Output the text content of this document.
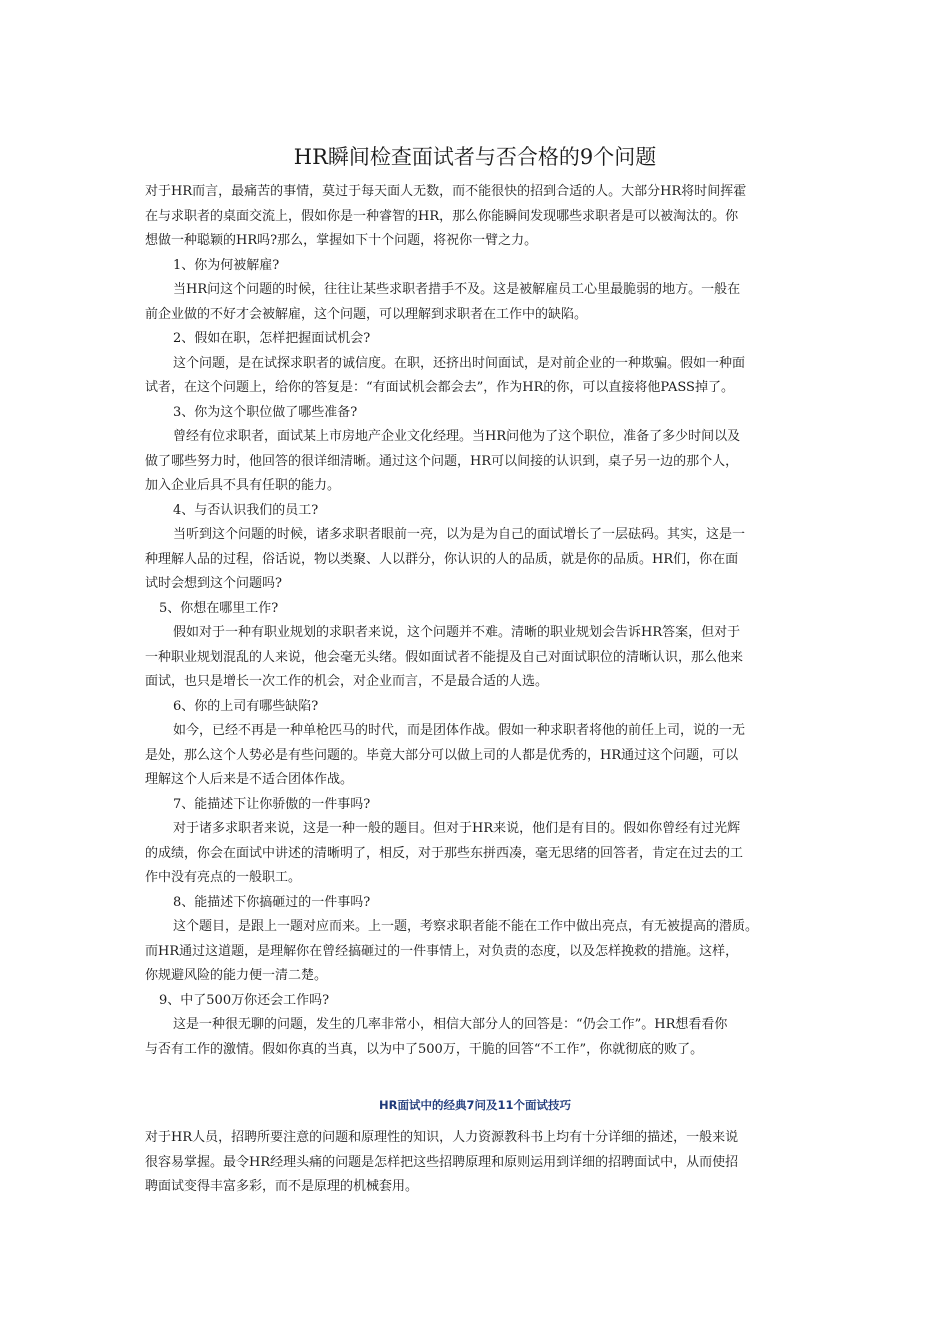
HR瞬间检查面试者与否合格的9个问题

对于HR而言，最痛苦的事情，莫过于每天面人无数，而不能很快的招到合适的人。大部分HR将时间挥霍

在与求职者的桌面交流上，假如你是一种睿智的HR，那么你能瞬间发现哪些求职者是可以被淘汰的。你

想做一种聪颖的HR吗?那么，掌握如下十个问题，将祝你一臂之力。

1、你为何被解雇?

当HR问这个问题的时候，往往让某些求职者措手不及。这是被解雇员工心里最脆弱的地方。一般在

前企业做的不好才会被解雇，这个问题，可以理解到求职者在工作中的缺陷。

2、假如在职，怎样把握面试机会?

这个问题，是在试探求职者的诚信度。在职，还挤出时间面试，是对前企业的一种欺骗。假如一种面

试者，在这个问题上，给你的答复是：“有面试机会都会去”，作为HR的你，可以直接将他PASS掉了。

3、你为这个职位做了哪些准备?

曾经有位求职者，面试某上市房地产企业文化经理。当HR问他为了这个职位，准备了多少时间以及

做了哪些努力时，他回答的很详细清晰。通过这个问题，HR可以间接的认识到，桌子另一边的那个人，

加入企业后具不具有任职的能力。

4、与否认识我们的员工?

当听到这个问题的时候，诸多求职者眼前一亮，以为是为自己的面试增长了一层砝码。其实，这是一

种理解人品的过程，俗话说，物以类聚、人以群分，你认识的人的品质，就是你的品质。HR们，你在面

试时会想到这个问题吗?

5、你想在哪里工作?

假如对于一种有职业规划的求职者来说，这个问题并不难。清晰的职业规划会告诉HR答案，但对于

一种职业规划混乱的人来说，他会毫无头绪。假如面试者不能提及自己对面试职位的清晰认识，那么他来

面试，也只是增长一次工作的机会，对企业而言，不是最合适的人选。

6、你的上司有哪些缺陷?

如今，已经不再是一种单枪匹马的时代，而是团体作战。假如一种求职者将他的前任上司，说的一无

是处，那么这个人势必是有些问题的。毕竟大部分可以做上司的人都是优秀的，HR通过这个问题，可以

理解这个人后来是不适合团体作战。

7、能描述下让你骄傲的一件事吗?

对于诸多求职者来说，这是一种一般的题目。但对于HR来说，他们是有目的。假如你曾经有过光辉

的成绩，你会在面试中讲述的清晰明了，相反，对于那些东拼西凑，毫无思绪的回答者，肯定在过去的工

作中没有亮点的一般职工。

8、能描述下你搞砸过的一件事吗?

这个题目，是跟上一题对应而来。上一题，考察求职者能不能在工作中做出亮点，有无被提高的潜质。

而HR通过这道题，是理解你在曾经搞砸过的一件事情上，对负责的态度，以及怎样挽救的措施。这样，

你规避风险的能力便一清二楚。

9、中了500万你还会工作吗?

这是一种很无聊的问题，发生的几率非常小，相信大部分人的回答是：“仍会工作”。HR想看看你

与否有工作的激情。假如你真的当真，以为中了500万，干脆的回答“不工作”，你就彻底的败了。

HR面试中的经典7问及11个面试技巧

对于HR人员，招聘所要注意的问题和原理性的知识，人力资源教科书上均有十分详细的描述，一般来说

很容易掌握。最令HR经理头痛的问题是怎样把这些招聘原理和原则运用到详细的招聘面试中，从而使招

聘面试变得丰富多彩，而不是原理的机械套用。
